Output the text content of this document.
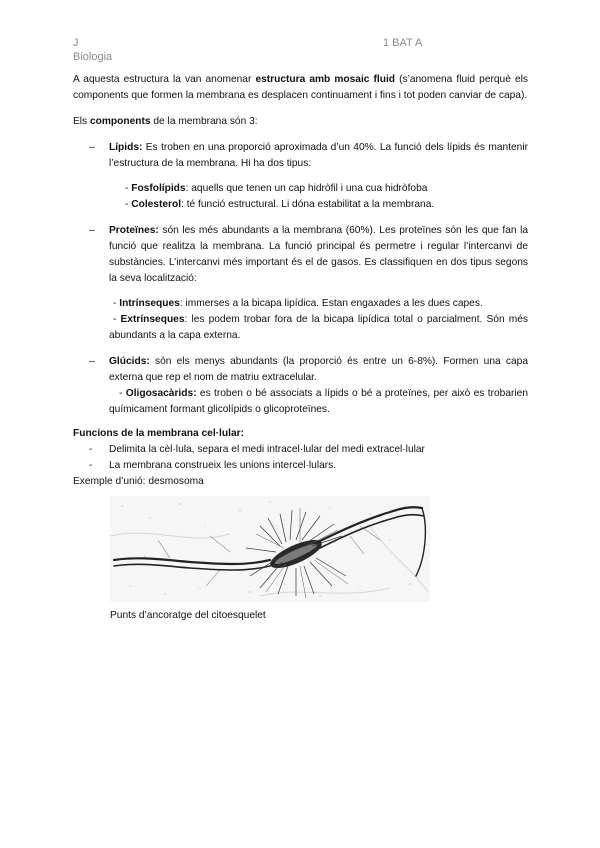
J
Biologia
1 BAT A

A aquesta estructura la van anomenar estructura amb mosaic fluid (s’anomena fluid perquè els components que formen la membrana es desplacen continuament i fins i tot poden canviar de capa).

Els components de la membrana són 3:

– Lípids: Es troben en una proporció aproximada d’un 40%. La funció dels lípids és mantenir l’estructura de la membrana. Hi ha dos tipus:

- Fosfolípids: aquells que tenen un cap hidròfil i una cua hidròfoba

- Colesterol: té funció estructural. Li dóna estabilitat a la membrana.

– Proteïnes: són les més abundants a la membrana (60%). Les proteïnes són les que fan la funció que realitza la membrana. La funció principal és permetre i regular l’intercanvi de substàncies. L’intercanvi més important és el de gasos. Es classifiquen en dos tipus segons la seva localització:

- Intrínseques: immerses a la bicapa lipídica. Estan engaxades a les dues capes.

- Extrínseques: les podem trobar fora de la bicapa lipídica total o parcialment. Són més abundants a la capa externa.

– Glúcids: són els menys abundants (la proporció és entre un 6-8%). Formen una capa externa que rep el nom de matriu extracelular.
- Oligosacàrids: es troben o bé associats a lípids o bé a proteïnes, per això es trobarien químicament formant glicolípids o glicoproteïnes.

Funcions de la membrana cel·lular:

- Delimita la cèl·lula, separa el medi intracel·lular del medi extracel·lular
- La membrana construeix les unions intercel·lulars.

Exemple d’unió: desmosoma

Punts d’ancoratge del citoesquelet
